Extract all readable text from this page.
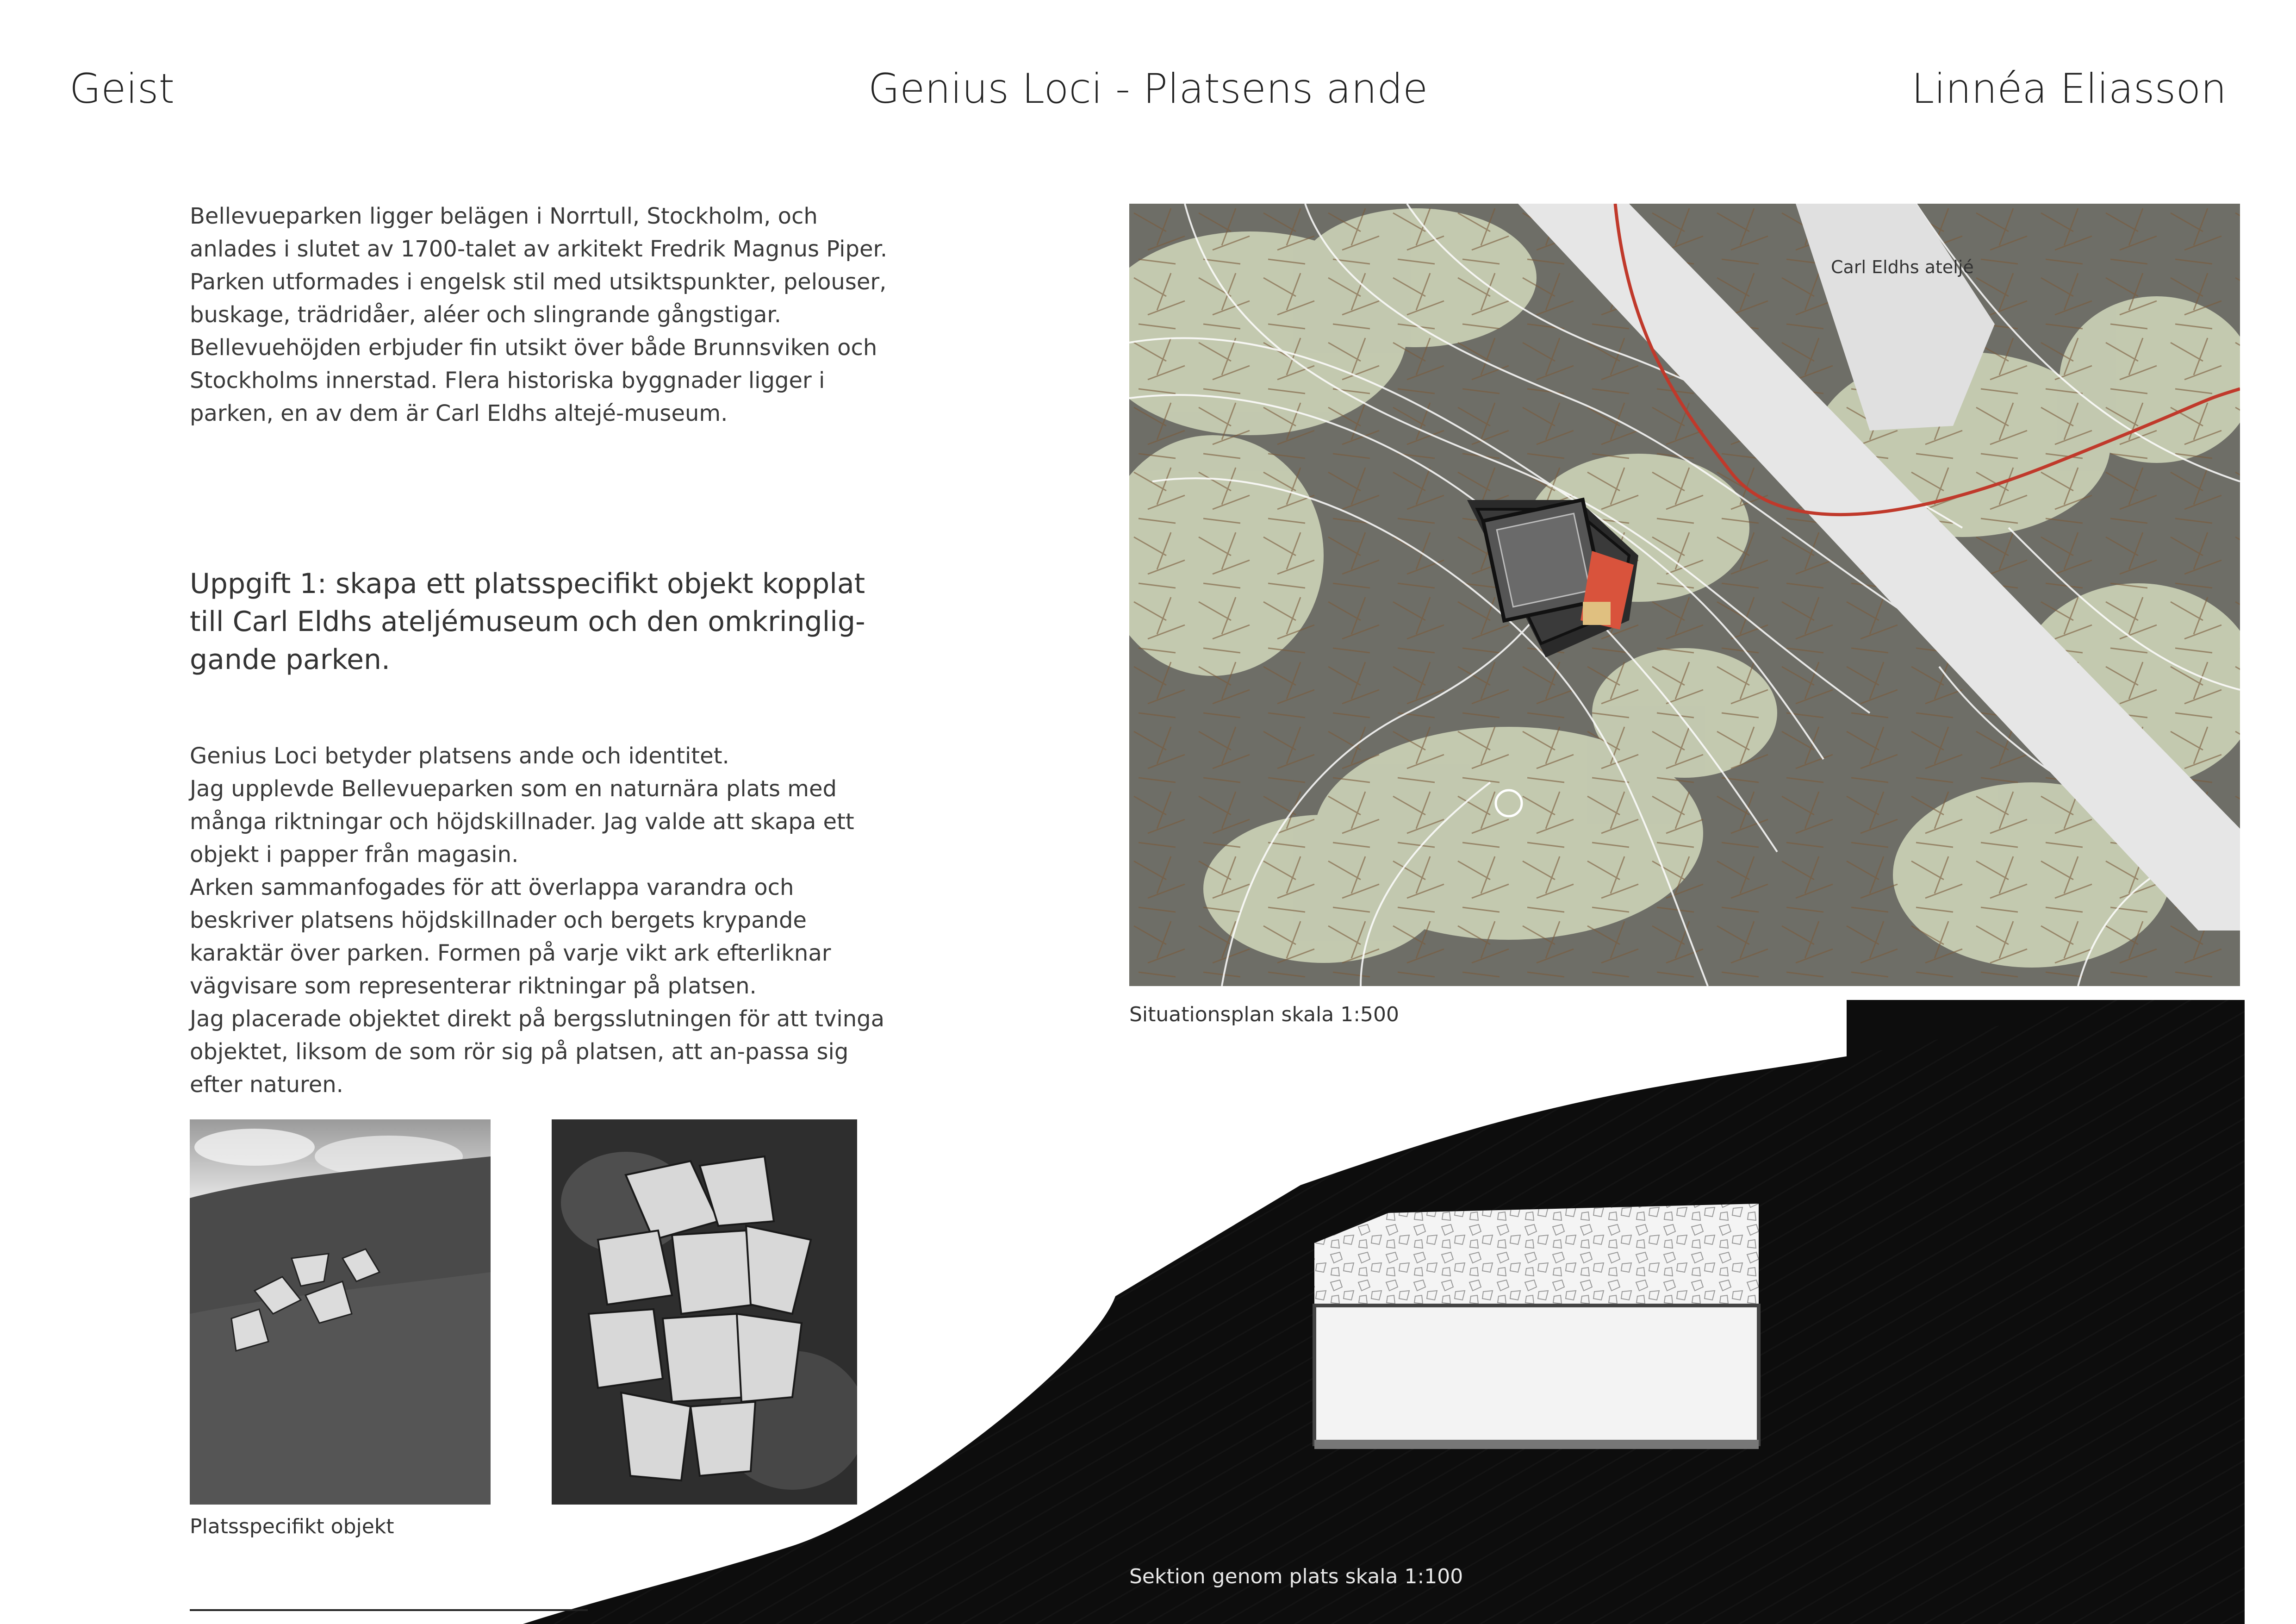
Geist	Genius Loci - Platsens ande	Linnéa Eliasson

Bellevueparken ligger belägen i Norrtull, Stockholm, och anlades i slutet av 1700-talet av arkitekt Fredrik Magnus Piper.

Parken utformades i engelsk stil med utsiktspunkter, pelouser, buskage, trädridåer, aléer och slingrande gångstigar. Bellevuehöjden erbjuder fin utsikt över både Brunnsviken och Stockholms innerstad. Flera historiska byggnader ligger i parken, en av dem är Carl Eldhs altejé-museum.

Uppgift 1: skapa ett platsspecifikt objekt kopplat till Carl Eldhs ateljémuseum och den omkringlig-gande parken.

Genius Loci betyder platsens ande och identitet.

Jag upplevde Bellevueparken som en naturnära plats med många riktningar och höjdskillnader. Jag valde att skapa ett objekt i papper från magasin.

Arken sammanfogades för att överlappa varandra och beskriver platsens höjdskillnader och bergets krypande karaktär över parken. Formen på varje vikt ark efterliknar vägvisare som representerar riktningar på platsen.

Jag placerade objektet direkt på bergsslutningen för att tvinga objektet, liksom de som rör sig på platsen, att an-passa sig efter naturen.

Carl Eldhs ateljé
Situationsplan skala 1:500
Platsspecifikt objekt
Sektion genom plats skala 1:100
